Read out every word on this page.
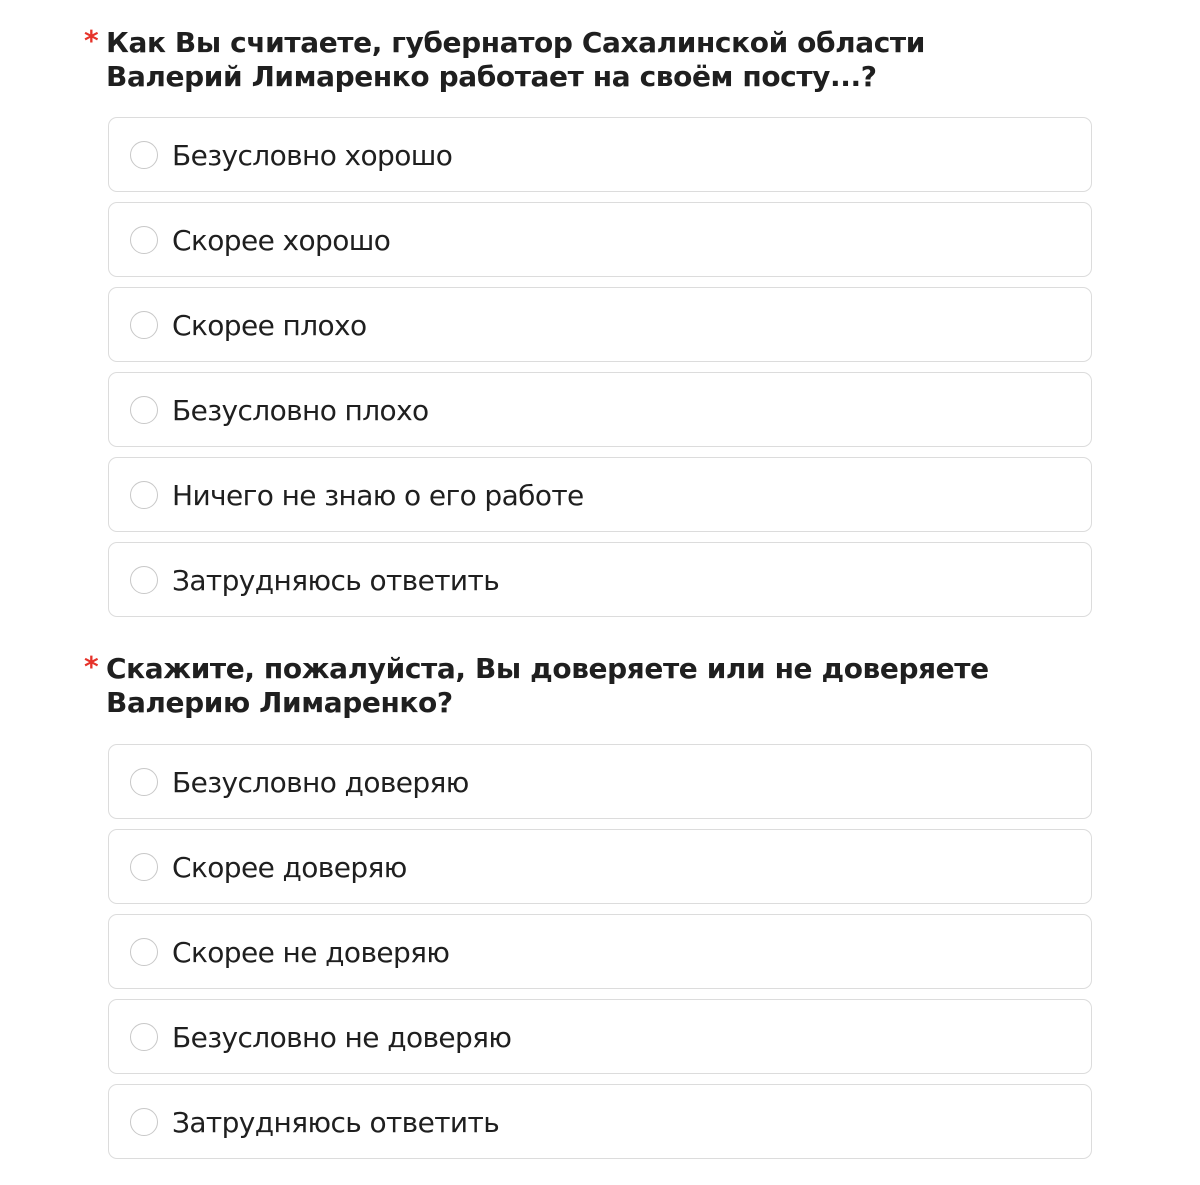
* Как Вы считаете, губернатор Сахалинской области Валерий Лимаренко работает на своём посту...?
Безусловно хорошо
Скорее хорошо
Скорее плохо
Безусловно плохо
Ничего не знаю о его работе
Затрудняюсь ответить
* Скажите, пожалуйста, Вы доверяете или не доверяете Валерию Лимаренко?
Безусловно доверяю
Скорее доверяю
Скорее не доверяю
Безусловно не доверяю
Затрудняюсь ответить
